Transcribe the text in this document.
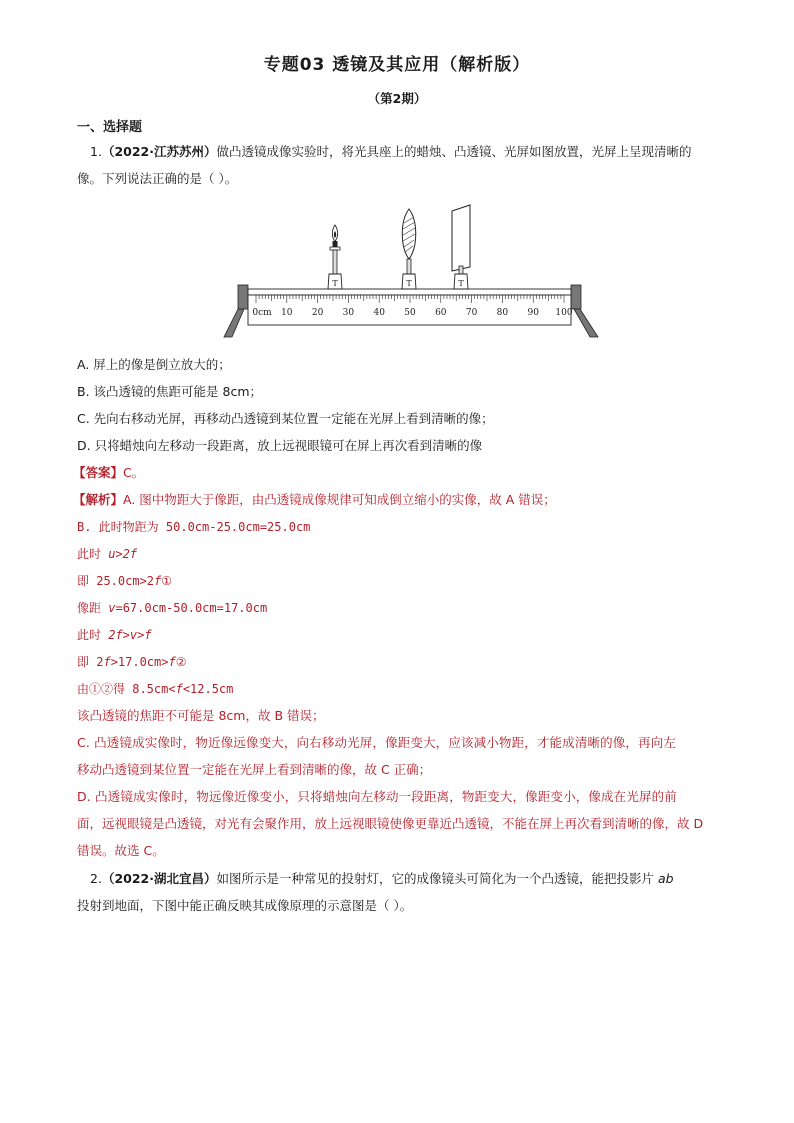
专题03 透镜及其应用（解析版）
（第2期）
一、选择题
1.（2022·江苏苏州）做凸透镜成像实验时，将光具座上的蜡烛、凸透镜、光屏如图放置，光屏上呈现清晰的
像。下列说法正确的是（ ）。
0cm 10 20 30 40 50 60 70 80 90 100
T	T	T
A. 屏上的像是倒立放大的；
B. 该凸透镜的焦距可能是 8cm；
C. 先向右移动光屏，再移动凸透镜到某位置一定能在光屏上看到清晰的像；
D. 只将蜡烛向左移动一段距离，放上远视眼镜可在屏上再次看到清晰的像
【答案】C。
【解析】A. 图中物距大于像距，由凸透镜成像规律可知成倒立缩小的实像，故 A 错误；
B. 此时物距为 50.0cm-25.0cm=25.0cm
此时 u>2f
即 25.0cm>2f①
像距 v=67.0cm-50.0cm=17.0cm
此时 2f>v>f
即 2f>17.0cm>f②
由①②得 8.5cm<f<12.5cm
该凸透镜的焦距不可能是 8cm，故 B 错误；
C. 凸透镜成实像时，物近像远像变大，向右移动光屏，像距变大，应该减小物距，才能成清晰的像，再向左
移动凸透镜到某位置一定能在光屏上看到清晰的像，故 C 正确；
D. 凸透镜成实像时，物远像近像变小，只将蜡烛向左移动一段距离，物距变大，像距变小，像成在光屏的前
面，远视眼镜是凸透镜，对光有会聚作用，放上远视眼镜使像更靠近凸透镜，不能在屏上再次看到清晰的像，故 D
错误。故选 C。
2.（2022·湖北宜昌）如图所示是一种常见的投射灯，它的成像镜头可简化为一个凸透镜，能把投影片 ab
投射到地面，下图中能正确反映其成像原理的示意图是（ ）。
